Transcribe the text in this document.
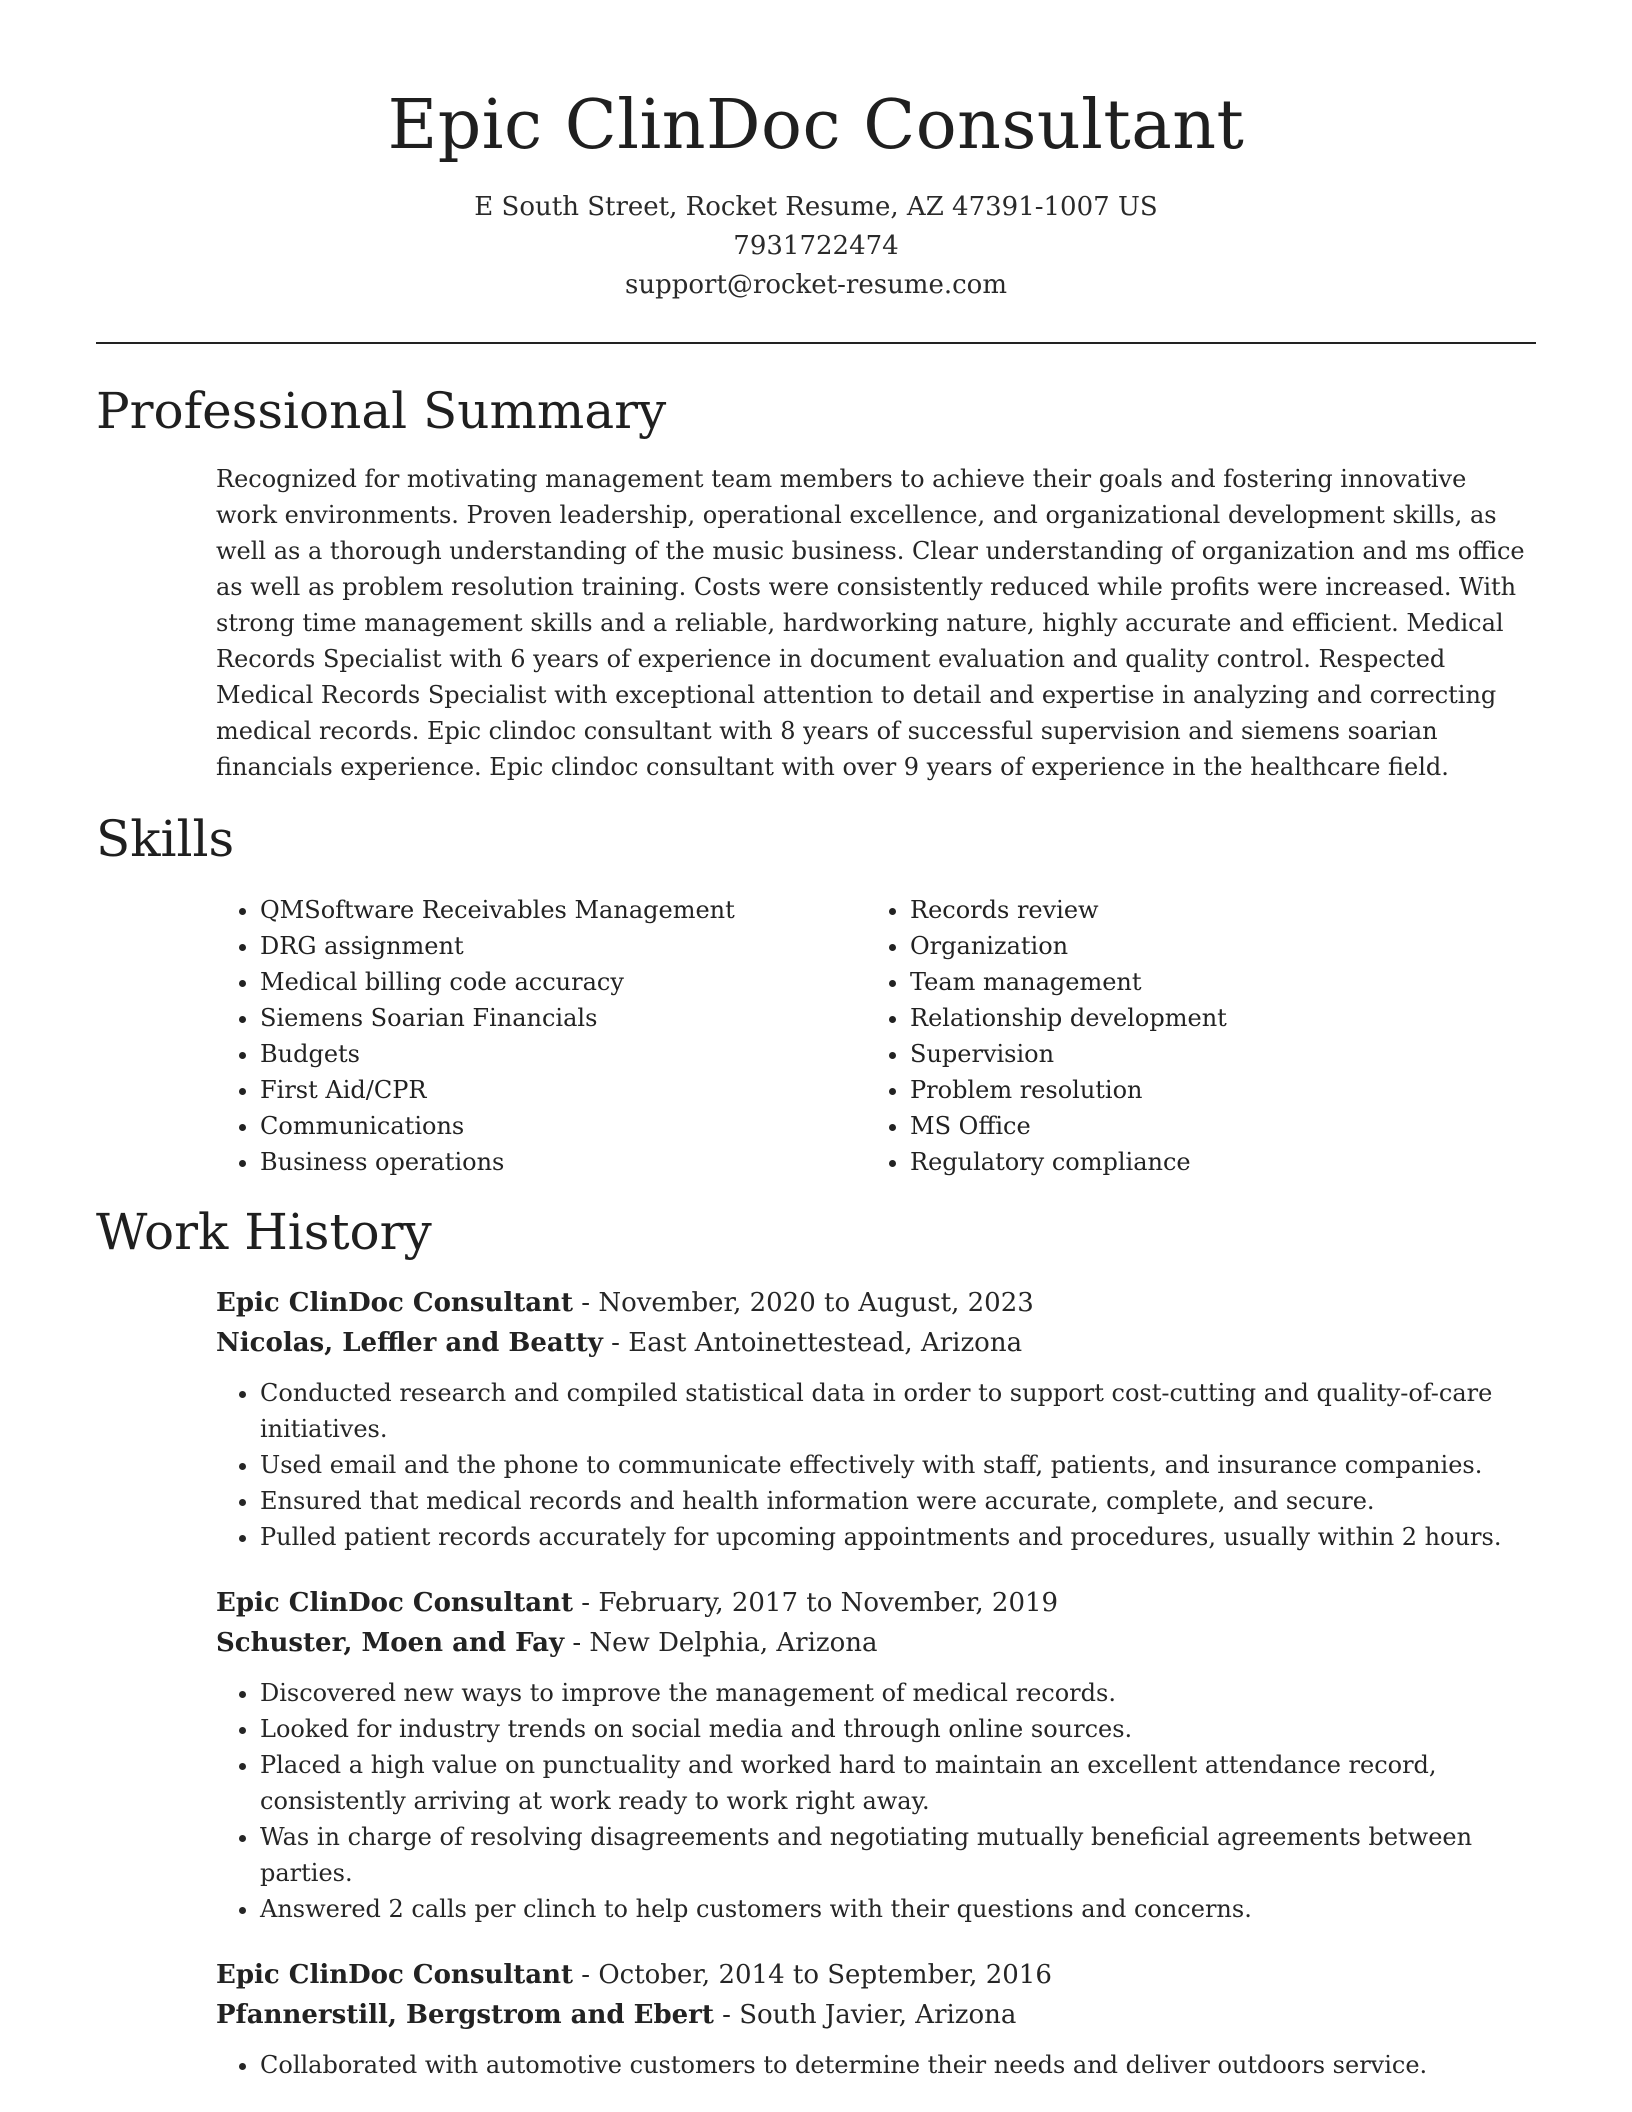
Epic ClinDoc Consultant
E South Street, Rocket Resume, AZ 47391-1007 US
7931722474
support@rocket-resume.com
Professional Summary
Recognized for motivating management team members to achieve their goals and fostering innovative work environments. Proven leadership, operational excellence, and organizational development skills, as well as a thorough understanding of the music business. Clear understanding of organization and ms office as well as problem resolution training. Costs were consistently reduced while profits were increased. With strong time management skills and a reliable, hardworking nature, highly accurate and efficient. Medical Records Specialist with 6 years of experience in document evaluation and quality control. Respected Medical Records Specialist with exceptional attention to detail and expertise in analyzing and correcting medical records. Epic clindoc consultant with 8 years of successful supervision and siemens soarian financials experience. Epic clindoc consultant with over 9 years of experience in the healthcare field.
Skills
• QMSoftware Receivables Management
• DRG assignment
• Medical billing code accuracy
• Siemens Soarian Financials
• Budgets
• First Aid/CPR
• Communications
• Business operations
• Records review
• Organization
• Team management
• Relationship development
• Supervision
• Problem resolution
• MS Office
• Regulatory compliance
Work History
Epic ClinDoc Consultant - November, 2020 to August, 2023
Nicolas, Leffler and Beatty - East Antoinettestead, Arizona
• Conducted research and compiled statistical data in order to support cost-cutting and quality-of-care initiatives.
• Used email and the phone to communicate effectively with staff, patients, and insurance companies.
• Ensured that medical records and health information were accurate, complete, and secure.
• Pulled patient records accurately for upcoming appointments and procedures, usually within 2 hours.
Epic ClinDoc Consultant - February, 2017 to November, 2019
Schuster, Moen and Fay - New Delphia, Arizona
• Discovered new ways to improve the management of medical records.
• Looked for industry trends on social media and through online sources.
• Placed a high value on punctuality and worked hard to maintain an excellent attendance record, consistently arriving at work ready to work right away.
• Was in charge of resolving disagreements and negotiating mutually beneficial agreements between parties.
• Answered 2 calls per clinch to help customers with their questions and concerns.
Epic ClinDoc Consultant - October, 2014 to September, 2016
Pfannerstill, Bergstrom and Ebert - South Javier, Arizona
• Collaborated with automotive customers to determine their needs and deliver outdoors service.
